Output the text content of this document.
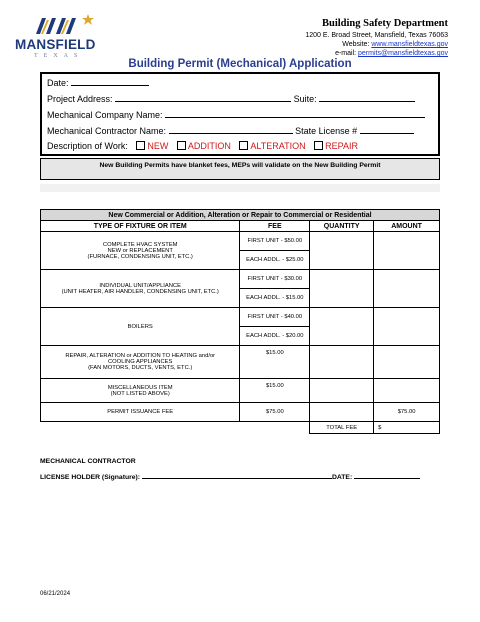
MANSFIELD
TEXAS
Building Safety Department
1200 E. Broad Street, Mansfield, Texas 76063
Website: www.mansfieldtexas.gov
e-mail: permits@mansfieldtexas.gov
Building Permit (Mechanical) Application
Date:
Project Address:	Suite:
Mechanical Company Name:
Mechanical Contractor Name:	State License #
Description of Work: NEW ADDITION ALTERATION REPAIR
New Building Permits have blanket fees, MEPs will validate on the New Building Permit
New Commercial or Addition, Alteration or Repair to Commercial or Residential			
TYPE OF FIXTURE OR ITEM	FEE	QUANTITY	AMOUNT

COMPLETE HVAC SYSTEM
NEW or REPLACEMENT
(FURNACE, CONDENSING UNIT, ETC.)	FIRST UNIT - $50.00		
	EACH ADDL. - $25.00		

INDIVIDUAL UNIT/APPLIANCE
(UNIT HEATER, AIR HANDLER, CONDENSING UNIT, ETC.)	FIRST UNIT - $30.00		
	EACH ADDL. - $15.00		

BOILERS	FIRST UNIT - $40.00		
	EACH ADDL. - $20.00		

REPAIR, ALTERATION or ADDITION TO HEATING and/or
COOLING APPLIANCES
(FAN MOTORS, DUCTS, VENTS, ETC.)	$15.00		

MISCELLANEOUS ITEM
(NOT LISTED ABOVE)	$15.00		
PERMIT ISSUANCE FEE	$75.00		$75.00
		TOTAL FEE	$
MECHANICAL CONTRACTOR
LICENSE HOLDER (Signature):	DATE:
06/21/2024
